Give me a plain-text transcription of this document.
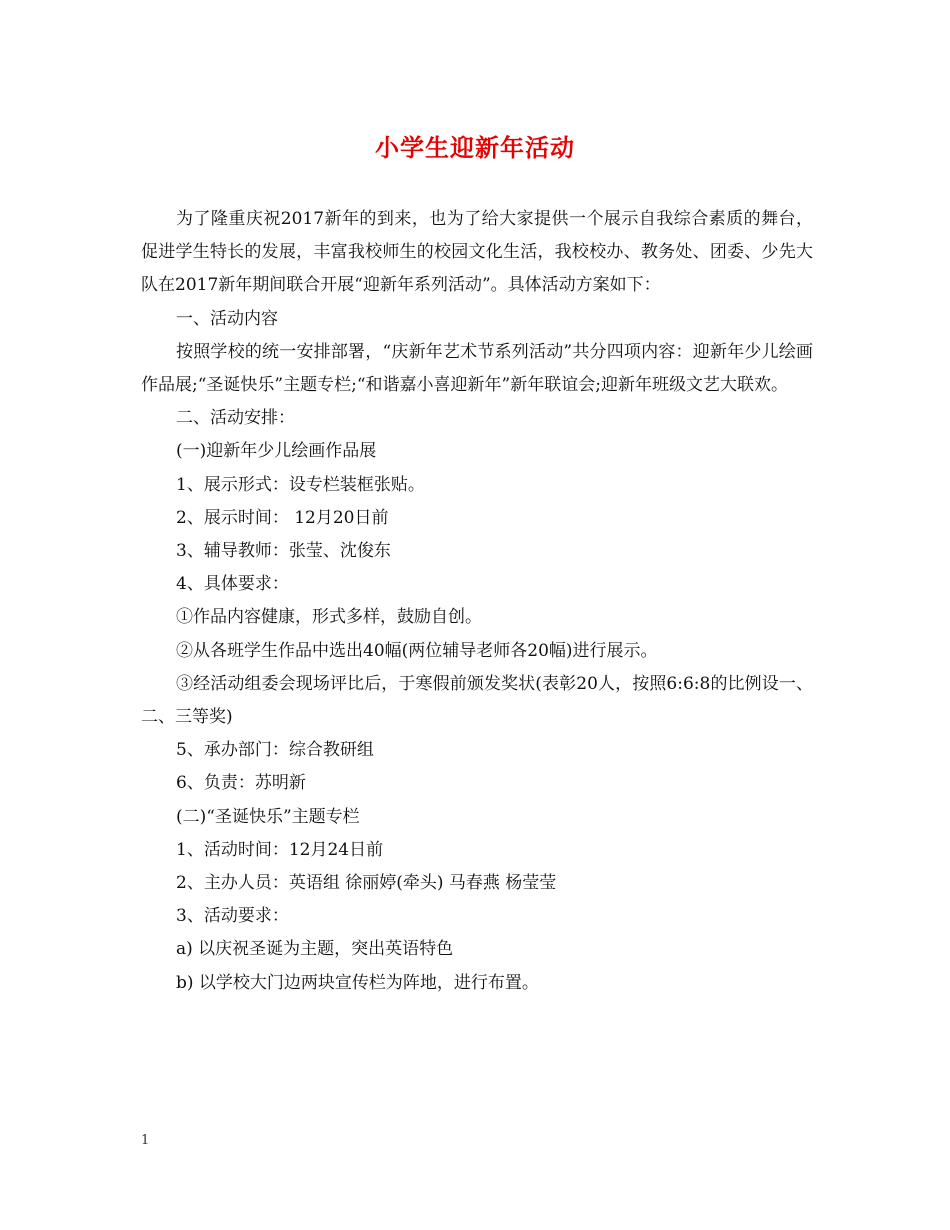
小学生迎新年活动

为了隆重庆祝2017新年的到来，也为了给大家提供一个展示自我综合素质的舞台，促进学生特长的发展，丰富我校师生的校园文化生活，我校校办、教务处、团委、少先大队在2017新年期间联合开展“迎新年系列活动”。具体活动方案如下：

一、活动内容

按照学校的统一安排部署，“庆新年艺术节系列活动”共分四项内容：迎新年少儿绘画作品展;“圣诞快乐”主题专栏;“和谐嘉小喜迎新年”新年联谊会;迎新年班级文艺大联欢。

二、活动安排：

(一)迎新年少儿绘画作品展

1、展示形式：设专栏装框张贴。

2、展示时间： 12月20日前

3、辅导教师：张莹、沈俊东

4、具体要求：

①作品内容健康，形式多样，鼓励自创。

②从各班学生作品中选出40幅(两位辅导老师各20幅)进行展示。

③经活动组委会现场评比后，于寒假前颁发奖状(表彰20人，按照6:6:8的比例设一、二、三等奖)

5、承办部门：综合教研组

6、负责：苏明新

(二)“圣诞快乐”主题专栏

1、活动时间：12月24日前

2、主办人员：英语组 徐丽婷(牵头) 马春燕 杨莹莹

3、活动要求：

a) 以庆祝圣诞为主题，突出英语特色

b) 以学校大门边两块宣传栏为阵地，进行布置。

1
